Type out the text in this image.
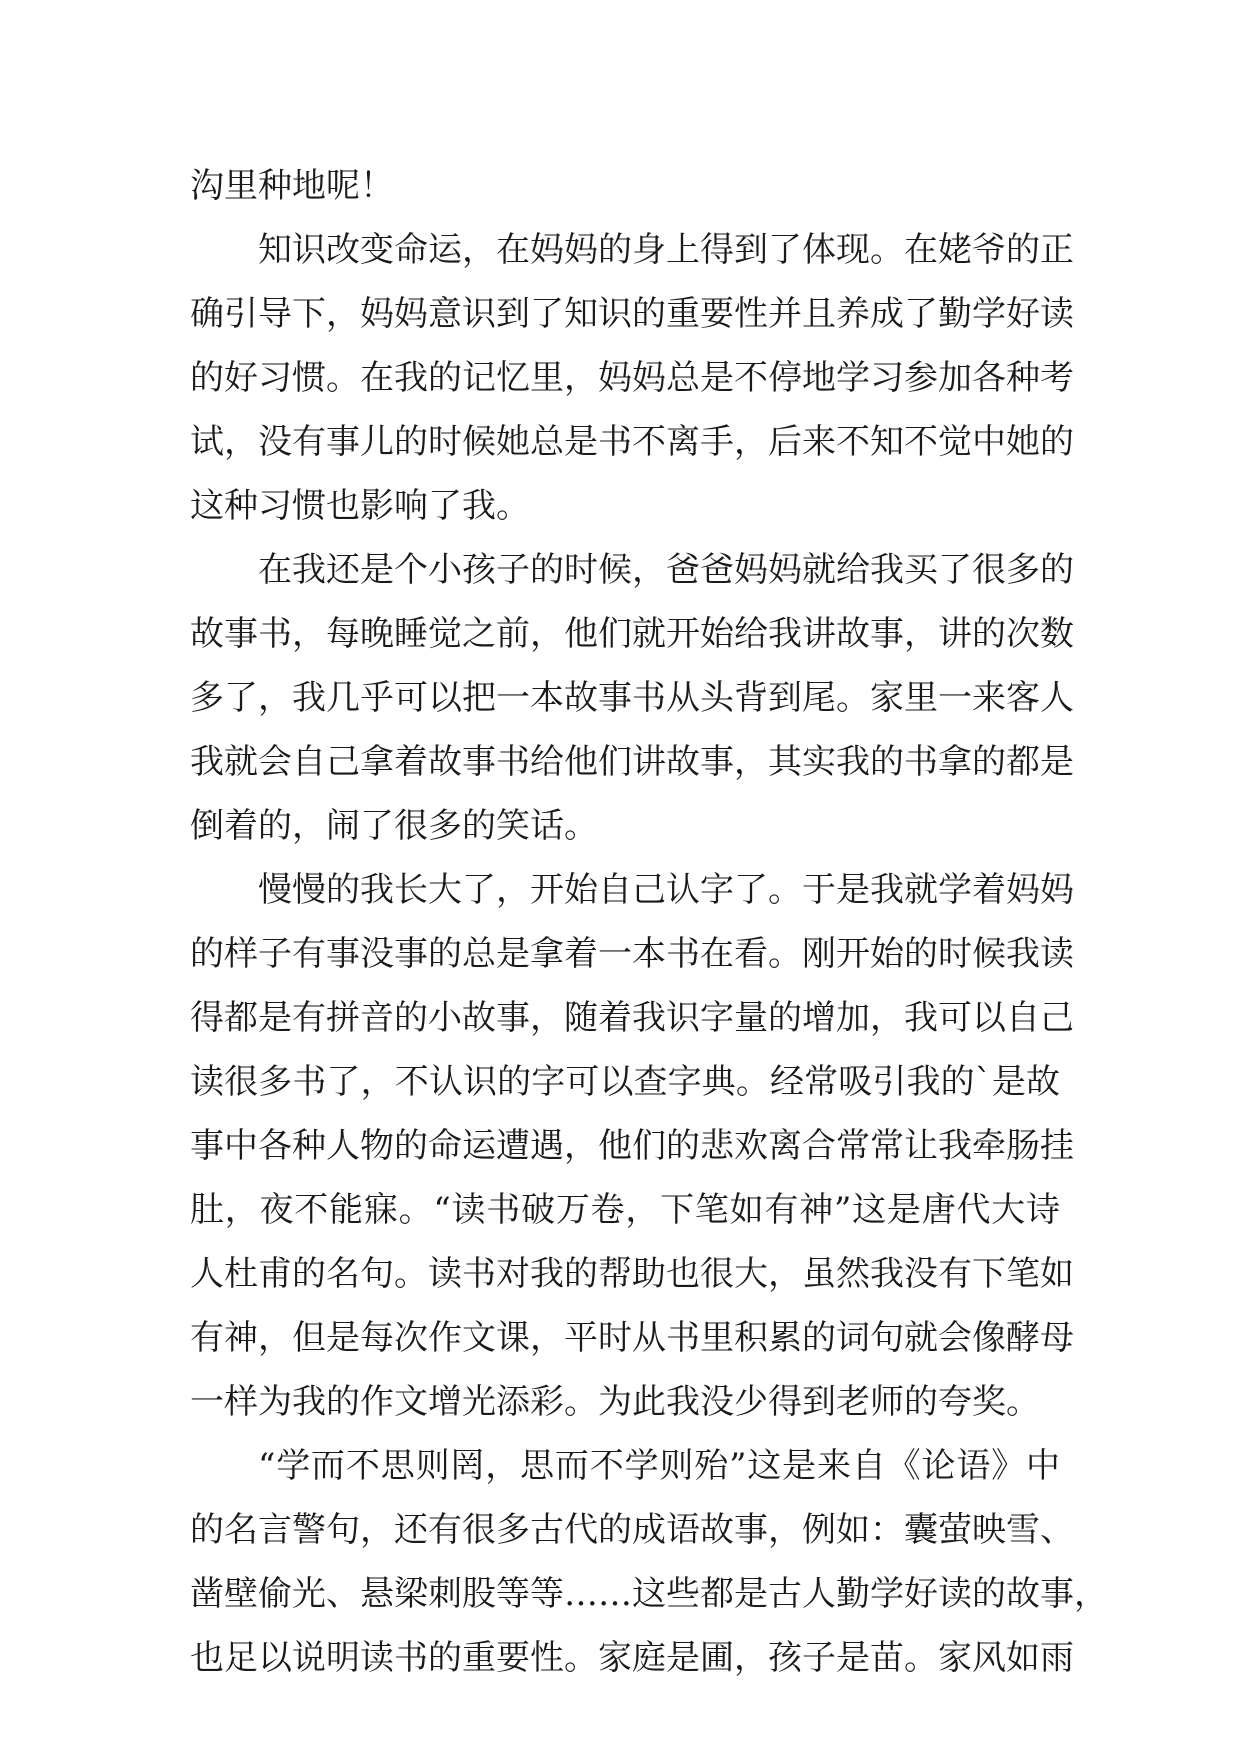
沟里种地呢！
知识改变命运，在妈妈的身上得到了体现。在姥爷的正
确引导下，妈妈意识到了知识的重要性并且养成了勤学好读
的好习惯。在我的记忆里，妈妈总是不停地学习参加各种考
试，没有事儿的时候她总是书不离手，后来不知不觉中她的
这种习惯也影响了我。
在我还是个小孩子的时候，爸爸妈妈就给我买了很多的
故事书，每晚睡觉之前，他们就开始给我讲故事，讲的次数
多了，我几乎可以把一本故事书从头背到尾。家里一来客人
我就会自己拿着故事书给他们讲故事，其实我的书拿的都是
倒着的，闹了很多的笑话。
慢慢的我长大了，开始自己认字了。于是我就学着妈妈
的样子有事没事的总是拿着一本书在看。刚开始的时候我读
得都是有拼音的小故事，随着我识字量的增加，我可以自己
读很多书了，不认识的字可以查字典。经常吸引我的`是故
事中各种人物的命运遭遇，他们的悲欢离合常常让我牵肠挂
肚，夜不能寐。“读书破万卷，下笔如有神”这是唐代大诗
人杜甫的名句。读书对我的帮助也很大，虽然我没有下笔如
有神，但是每次作文课，平时从书里积累的词句就会像酵母
一样为我的作文增光添彩。为此我没少得到老师的夸奖。
“学而不思则罔，思而不学则殆”这是来自《论语》中
的名言警句，还有很多古代的成语故事，例如：囊萤映雪、
凿壁偷光、悬梁刺股等等……这些都是古人勤学好读的故事，
也足以说明读书的重要性。家庭是圃，孩子是苗。家风如雨
